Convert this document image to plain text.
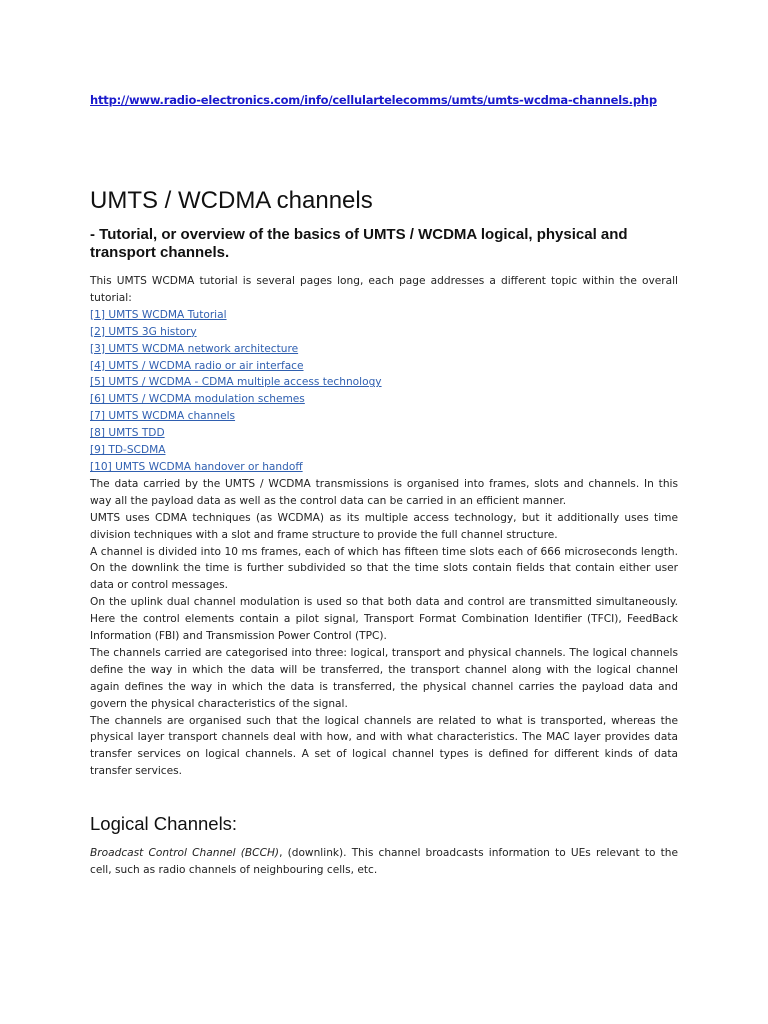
http://www.radio-electronics.com/info/cellulartelecomms/umts/umts-wcdma-channels.php
UMTS / WCDMA channels
- Tutorial, or overview of the basics of UMTS / WCDMA logical, physical and transport channels.

This UMTS WCDMA tutorial is several pages long, each page addresses a different topic within the overall tutorial:

[1] UMTS WCDMA Tutorial
[2] UMTS 3G history
[3] UMTS WCDMA network architecture
[4] UMTS / WCDMA radio or air interface
[5] UMTS / WCDMA - CDMA multiple access technology
[6] UMTS / WCDMA modulation schemes
[7] UMTS WCDMA channels
[8] UMTS TDD
[9] TD-SCDMA
[10] UMTS WCDMA handover or handoff

The data carried by the UMTS / WCDMA transmissions is organised into frames, slots and channels. In this way all the payload data as well as the control data can be carried in an efficient manner.

UMTS uses CDMA techniques (as WCDMA) as its multiple access technology, but it additionally uses time division techniques with a slot and frame structure to provide the full channel structure.

A channel is divided into 10 ms frames, each of which has fifteen time slots each of 666 microseconds length. On the downlink the time is further subdivided so that the time slots contain fields that contain either user data or control messages.

On the uplink dual channel modulation is used so that both data and control are transmitted simultaneously. Here the control elements contain a pilot signal, Transport Format Combination Identifier (TFCI), FeedBack Information (FBI) and Transmission Power Control (TPC).

The channels carried are categorised into three: logical, transport and physical channels. The logical channels define the way in which the data will be transferred, the transport channel along with the logical channel again defines the way in which the data is transferred, the physical channel carries the payload data and govern the physical characteristics of the signal.

The channels are organised such that the logical channels are related to what is transported, whereas the physical layer transport channels deal with how, and with what characteristics. The MAC layer provides data transfer services on logical channels. A set of logical channel types is defined for different kinds of data transfer services.

Logical Channels:

Broadcast Control Channel (BCCH), (downlink). This channel broadcasts information to UEs relevant to the cell, such as radio channels of neighbouring cells, etc.
